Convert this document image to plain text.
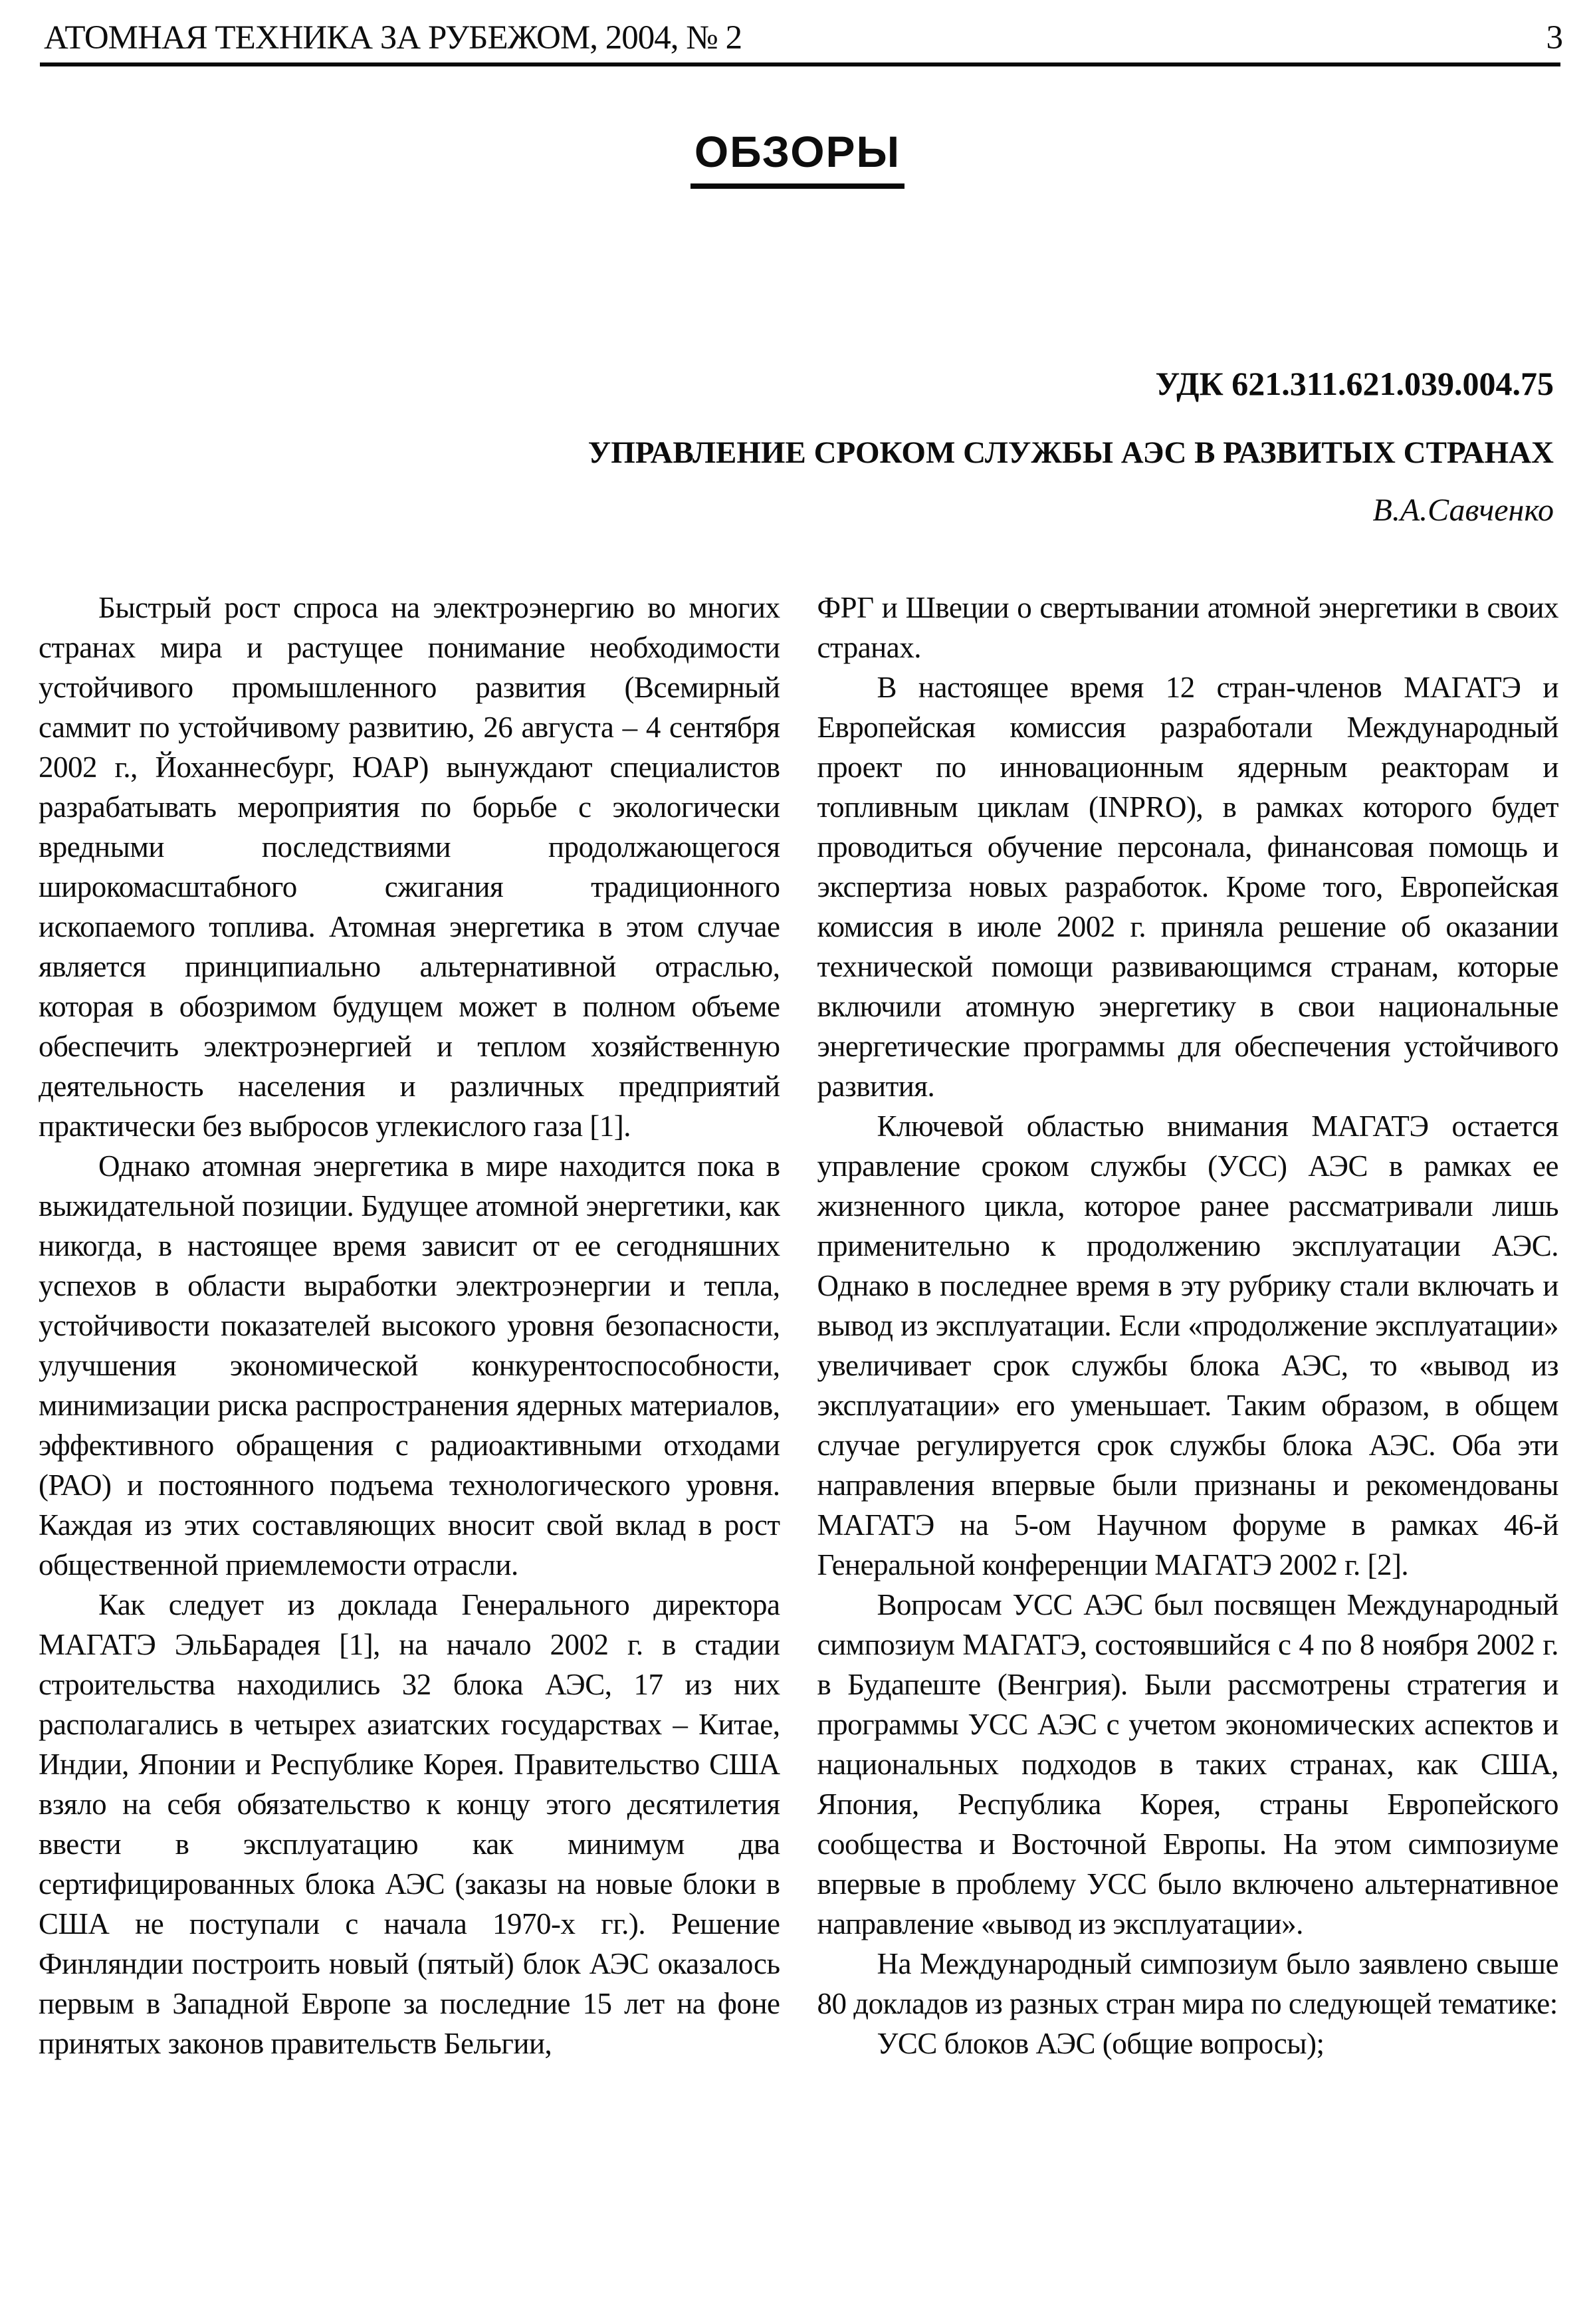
АТОМНАЯ ТЕХНИКА ЗА РУБЕЖОМ, 2004, № 2	3
ОБЗОРЫ
УДК 621.311.621.039.004.75
УПРАВЛЕНИЕ СРОКОМ СЛУЖБЫ АЭС В РАЗВИТЫХ СТРАНАХ
В.А.Савченко

Быстрый рост спроса на электроэнергию во многих странах мира и растущее понимание необходимости устойчивого промышленного развития (Всемирный саммит по устойчивому развитию, 26 августа – 4 сентября 2002 г., Йоханнесбург, ЮАР) вынуждают специалистов разрабатывать мероприятия по борьбе с экологически вредными последствиями продолжающегося широкомасштабного сжигания традиционного ископаемого топлива. Атомная энергетика в этом случае является принципиально альтернативной отраслью, которая в обозримом будущем может в полном объеме обеспечить электроэнергией и теплом хозяйственную деятельность населения и различных предприятий практически без выбросов углекислого газа [1].

Однако атомная энергетика в мире находится пока в выжидательной позиции. Будущее атомной энергетики, как никогда, в настоящее время зависит от ее сегодняшних успехов в области выработки электроэнергии и тепла, устойчивости показателей высокого уровня безопасности, улучшения экономической конкурентоспособности, минимизации риска распространения ядерных материалов, эффективного обращения с радиоактивными отходами (РАО) и постоянного подъема технологического уровня. Каждая из этих составляющих вносит свой вклад в рост общественной приемлемости отрасли.

Как следует из доклада Генерального директора МАГАТЭ ЭльБарадея [1], на начало 2002 г. в стадии строительства находились 32 блока АЭС, 17 из них располагались в четырех азиатских государствах – Китае, Индии, Японии и Республике Корея. Правительство США взяло на себя обязательство к концу этого десятилетия ввести в эксплуатацию как минимум два сертифицированных блока АЭС (заказы на новые блоки в США не поступали с начала 1970-х гг.). Решение Финляндии построить новый (пятый) блок АЭС оказалось первым в Западной Европе за последние 15 лет на фоне принятых законов правительств Бельгии,

ФРГ и Швеции о свертывании атомной энергетики в своих странах.

В настоящее время 12 стран-членов МАГАТЭ и Европейская комиссия разработали Международный проект по инновационным ядерным реакторам и топливным циклам (INPRO), в рамках которого будет проводиться обучение персонала, финансовая помощь и экспертиза новых разработок. Кроме того, Европейская комиссия в июле 2002 г. приняла решение об оказании технической помощи развивающимся странам, которые включили атомную энергетику в свои национальные энергетические программы для обеспечения устойчивого развития.

Ключевой областью внимания МАГАТЭ остается управление сроком службы (УСС) АЭС в рамках ее жизненного цикла, которое ранее рассматривали лишь применительно к продолжению эксплуатации АЭС. Однако в последнее время в эту рубрику стали включать и вывод из эксплуатации. Если «продолжение эксплуатации» увеличивает срок службы блока АЭС, то «вывод из эксплуатации» его уменьшает. Таким образом, в общем случае регулируется срок службы блока АЭС. Оба эти направления впервые были признаны и рекомендованы МАГАТЭ на 5-ом Научном форуме в рамках 46-й Генеральной конференции МАГАТЭ 2002 г. [2].

Вопросам УСС АЭС был посвящен Международный симпозиум МАГАТЭ, состоявшийся с 4 по 8 ноября 2002 г. в Будапеште (Венгрия). Были рассмотрены стратегия и программы УСС АЭС с учетом экономических аспектов и национальных подходов в таких странах, как США, Япония, Республика Корея, страны Европейского сообщества и Восточной Европы. На этом симпозиуме впервые в проблему УСС было включено альтернативное направление «вывод из эксплуатации».

На Международный симпозиум было заявлено свыше 80 докладов из разных стран мира по следующей тематике:

УСС блоков АЭС (общие вопросы);
